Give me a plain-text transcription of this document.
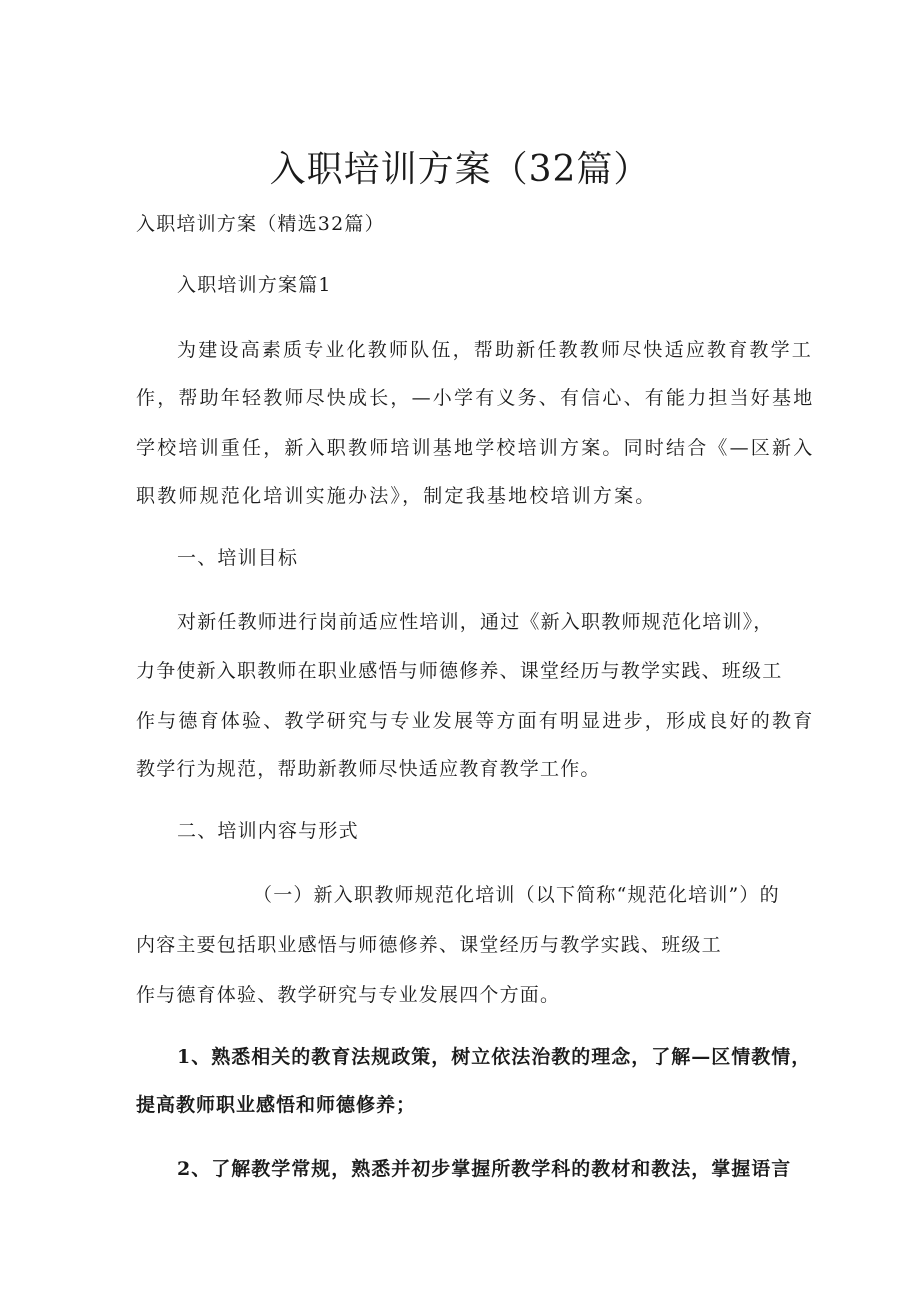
入职培训方案（32篇）
入职培训方案（精选32篇）
入职培训方案篇1
为建设高素质专业化教师队伍，帮助新任教教师尽快适应教育教学工
作，帮助年轻教师尽快成长，—小学有义务、有信心、有能力担当好基地
学校培训重任，新入职教师培训基地学校培训方案。同时结合《—区新入
职教师规范化培训实施办法》，制定我基地校培训方案。
一、培训目标
对新任教师进行岗前适应性培训，通过《新入职教师规范化培训》，
力争使新入职教师在职业感悟与师德修养、课堂经历与教学实践、班级工
作与德育体验、教学研究与专业发展等方面有明显进步，形成良好的教育
教学行为规范，帮助新教师尽快适应教育教学工作。
二、培训内容与形式
（一）新入职教师规范化培训（以下简称“规范化培训”）的
内容主要包括职业感悟与师德修养、课堂经历与教学实践、班级工
作与德育体验、教学研究与专业发展四个方面。
1、熟悉相关的教育法规政策，树立依法治教的理念，了解—区情教情，
提高教师职业感悟和师德修养；
2、了解教学常规，熟悉并初步掌握所教学科的教材和教法，掌握语言
